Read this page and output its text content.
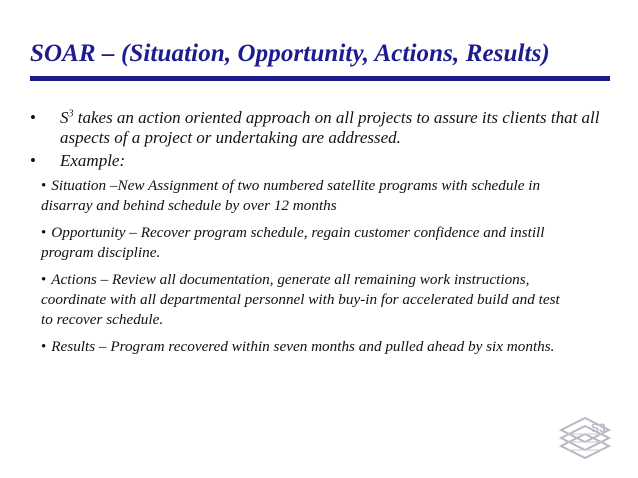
SOAR – (Situation, Opportunity, Actions, Results)
• $S^3$ takes an action oriented approach on all projects to assure its clients that all aspects of a project or undertaking are addressed.
• Example:
• Situation –New Assignment of two numbered satellite programs with schedule in disarray and behind schedule by over 12 months
• Opportunity – Recover program schedule, regain customer confidence and instill program discipline.
• Actions – Review all documentation, generate all remaining work instructions, coordinate with all departmental personnel with buy-in for accelerated build and test to recover schedule.
• Results – Program recovered within seven months and pulled ahead by six months.
S3
